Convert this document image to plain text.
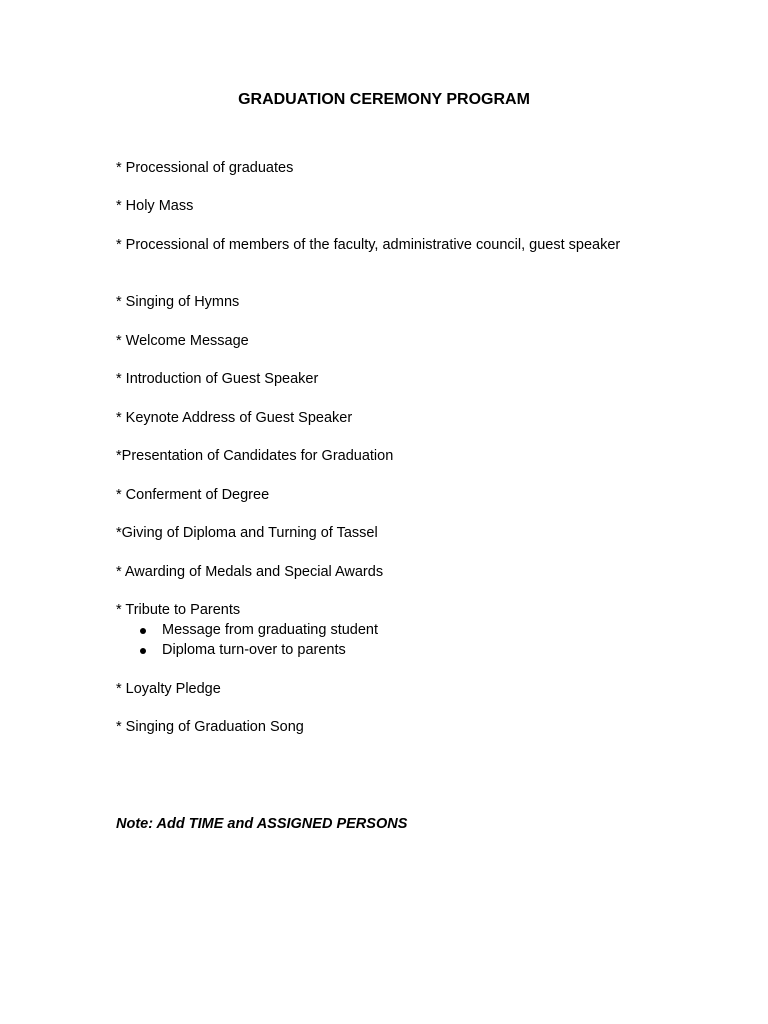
GRADUATION CEREMONY PROGRAM
* Processional of graduates
* Holy Mass
* Processional of members of the faculty, administrative council, guest speaker
* Singing of Hymns
* Welcome Message
* Introduction of Guest Speaker
* Keynote Address of Guest Speaker
*Presentation of Candidates for Graduation
* Conferment of Degree
*Giving of Diploma and Turning of Tassel
* Awarding of Medals and Special Awards
* Tribute to Parents
Message from graduating student
Diploma turn-over to parents
* Loyalty Pledge
* Singing of Graduation Song
Note: Add TIME and ASSIGNED PERSONS
